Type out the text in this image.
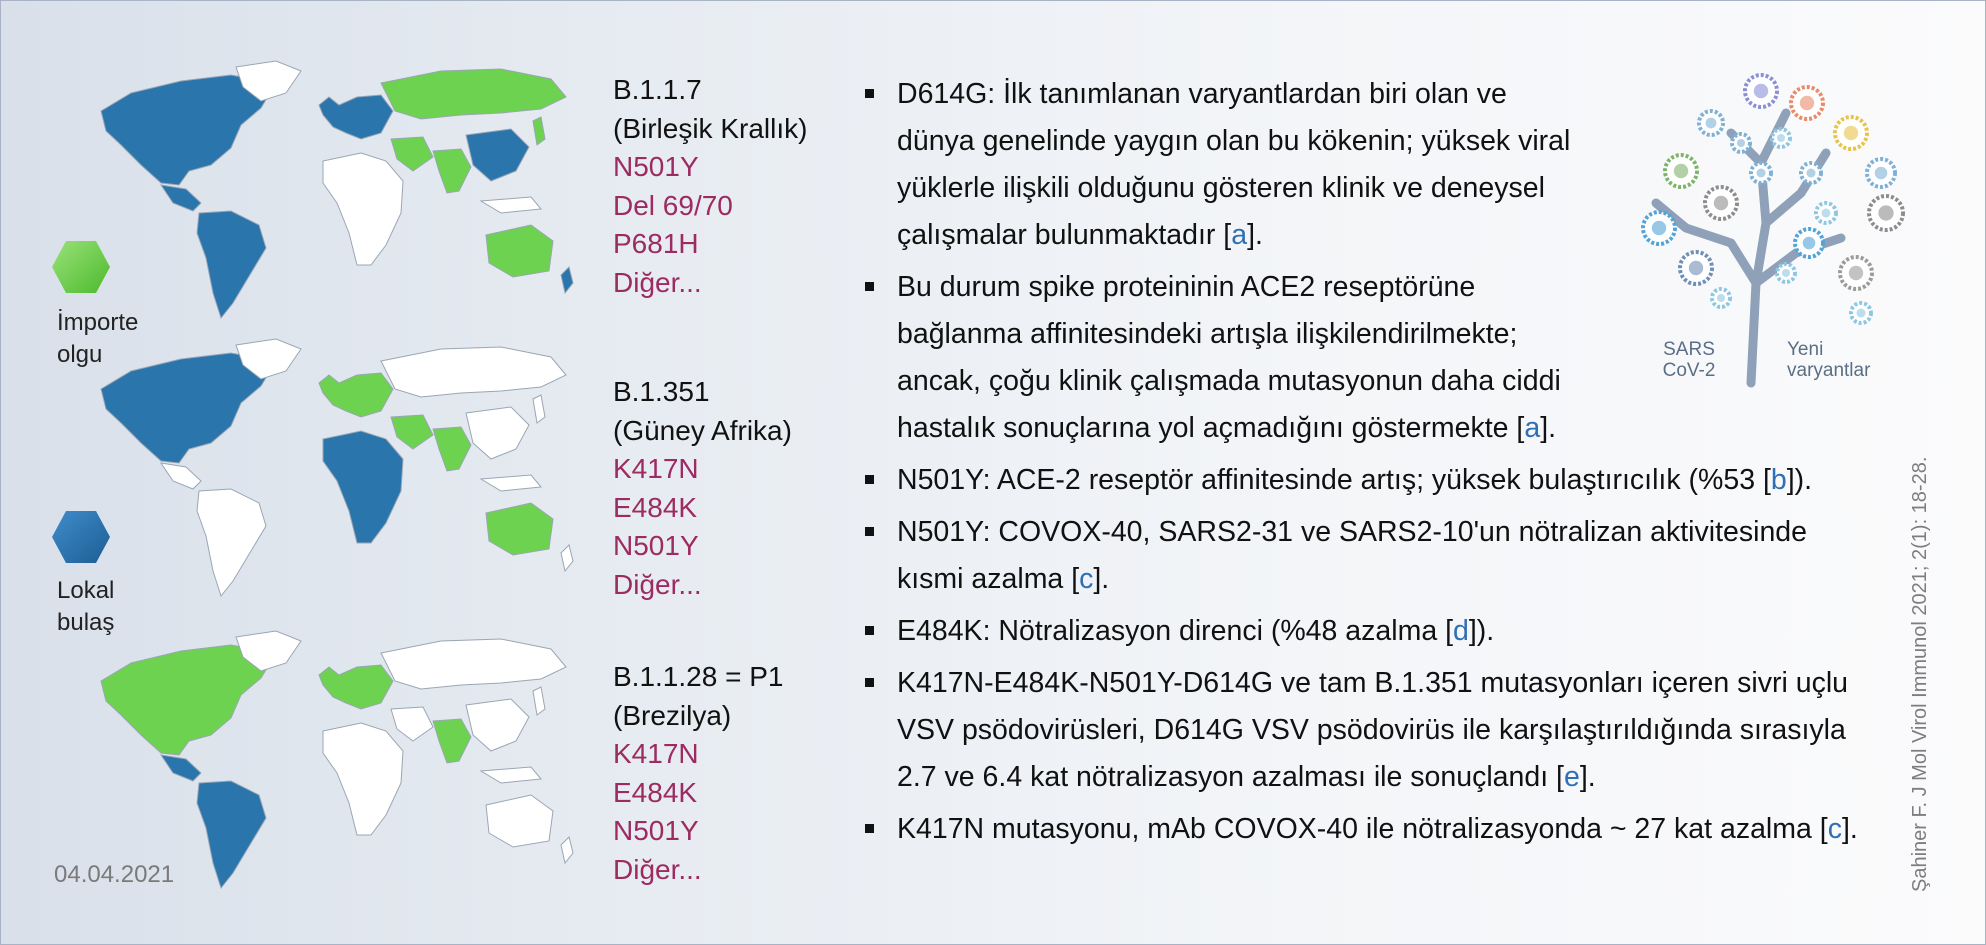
İmporte
olgu
Lokal
bulaş
04.04.2021
B.1.1.7
(Birleşik Krallık)
N501Y
Del 69/70
P681H
Diğer...
B.1.351
(Güney Afrika)
K417N
E484K
N501Y
Diğer...
B.1.1.28 = P1
(Brezilya)
K417N
E484K
N501Y
Diğer...
D614G: İlk tanımlanan varyantlardan biri olan ve
dünya genelinde yaygın olan bu kökenin; yüksek viral
yüklerle ilişkili olduğunu gösteren klinik ve deneysel
çalışmalar bulunmaktadır [a].
Bu durum spike proteininin ACE2 reseptörüne
bağlanma affinitesindeki artışla ilişkilendirilmekte;
ancak, çoğu klinik çalışmada mutasyonun daha ciddi
hastalık sonuçlarına yol açmadığını göstermekte [a].
N501Y: ACE-2 reseptör affinitesinde artış; yüksek bulaştırıcılık (%53 [b]).
N501Y: COVOX-40, SARS2-31 ve SARS2-10'un nötralizan aktivitesinde
kısmi azalma [c].
E484K: Nötralizasyon direnci (%48 azalma [d]).
K417N-E484K-N501Y-D614G ve tam B.1.351 mutasyonları içeren sivri uçlu
VSV psödovirüsleri, D614G VSV psödovirüs ile karşılaştırıldığında sırasıyla
2.7 ve 6.4 kat nötralizasyon azalması ile sonuçlandı [e].
K417N mutasyonu, mAb COVOX-40 ile nötralizasyonda ~ 27 kat azalma [c].
SARS
CoV-2
Yeni
varyantlar
Şahiner F. J Mol Virol Immunol 2021; 2(1): 18-28.
